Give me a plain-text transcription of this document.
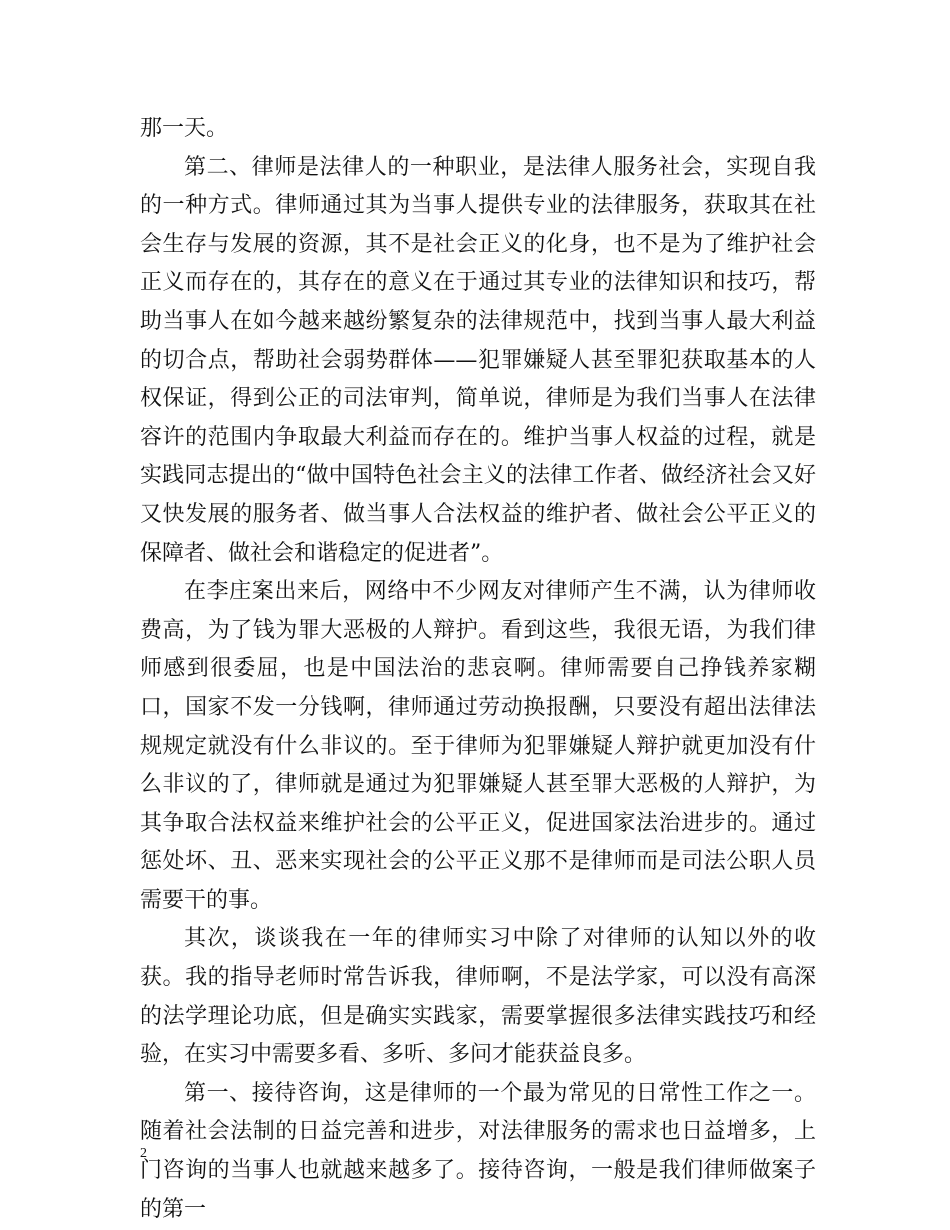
那一天。

第二、律师是法律人的一种职业，是法律人服务社会，实现自我的一种方式。律师通过其为当事人提供专业的法律服务，获取其在社会生存与发展的资源，其不是社会正义的化身，也不是为了维护社会正义而存在的，其存在的意义在于通过其专业的法律知识和技巧，帮助当事人在如今越来越纷繁复杂的法律规范中，找到当事人最大利益的切合点，帮助社会弱势群体——犯罪嫌疑人甚至罪犯获取基本的人权保证，得到公正的司法审判，简单说，律师是为我们当事人在法律容许的范围内争取最大利益而存在的。维护当事人权益的过程，就是实践同志提出的“做中国特色社会主义的法律工作者、做经济社会又好又快发展的服务者、做当事人合法权益的维护者、做社会公平正义的保障者、做社会和谐稳定的促进者”。

在李庄案出来后，网络中不少网友对律师产生不满，认为律师收费高，为了钱为罪大恶极的人辩护。看到这些，我很无语，为我们律师感到很委屈，也是中国法治的悲哀啊。律师需要自己挣钱养家糊口，国家不发一分钱啊，律师通过劳动换报酬，只要没有超出法律法规规定就没有什么非议的。至于律师为犯罪嫌疑人辩护就更加没有什么非议的了，律师就是通过为犯罪嫌疑人甚至罪大恶极的人辩护，为其争取合法权益来维护社会的公平正义，促进国家法治进步的。通过惩处坏、丑、恶来实现社会的公平正义那不是律师而是司法公职人员需要干的事。

其次，谈谈我在一年的律师实习中除了对律师的认知以外的收获。我的指导老师时常告诉我，律师啊，不是法学家，可以没有高深的法学理论功底，但是确实实践家，需要掌握很多法律实践技巧和经验，在实习中需要多看、多听、多问才能获益良多。

第一、接待咨询，这是律师的一个最为常见的日常性工作之一。随着社会法制的日益完善和进步，对法律服务的需求也日益增多，上门咨询的当事人也就越来越多了。接待咨询，一般是我们律师做案子的第一

2
